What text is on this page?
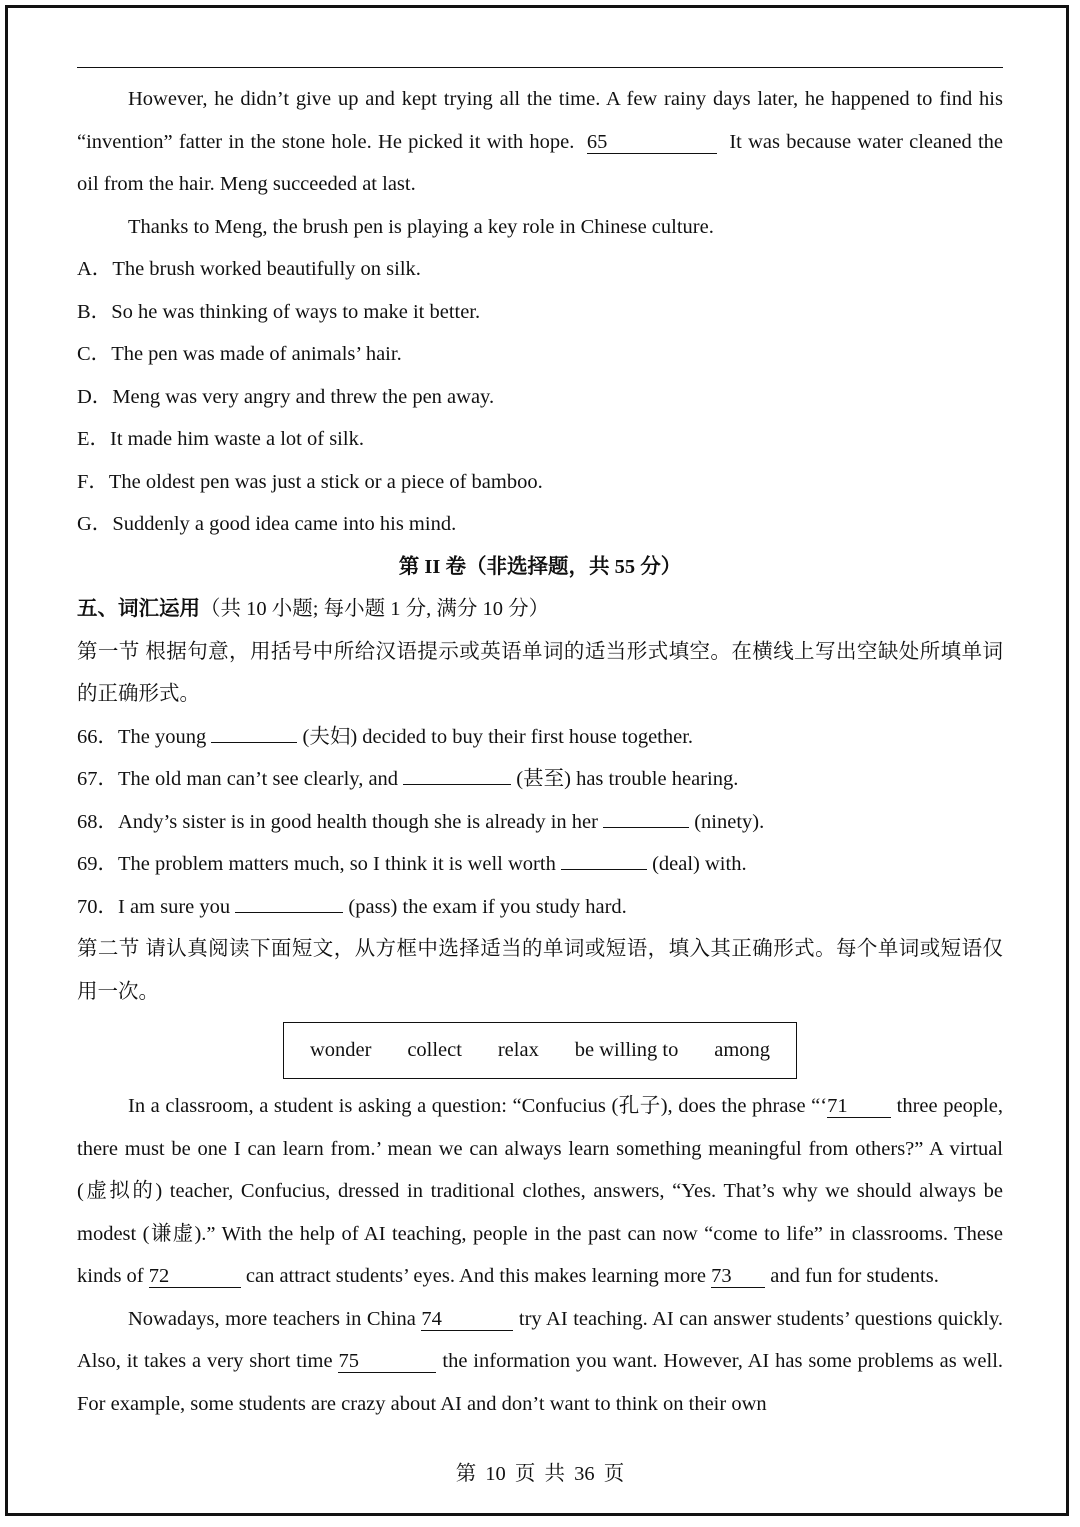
However, he didn’t give up and kept trying all the time. A few rainy days later, he happened to find his “invention” fatter in the stone hole. He picked it with hope. 65	It was because water cleaned the oil from the hair. Meng succeeded at last.

Thanks to Meng, the brush pen is playing a key role in Chinese culture.

A．The brush worked beautifully on silk.

B．So he was thinking of ways to make it better.

C．The pen was made of animals’ hair.

D．Meng was very angry and threw the pen away.

E．It made him waste a lot of silk.

F．The oldest pen was just a stick or a piece of bamboo.

G．Suddenly a good idea came into his mind.

第 II 卷（非选择题，共 55 分）

五、词汇运用（共 10 小题; 每小题 1 分, 满分 10 分）

第一节 根据句意，用括号中所给汉语提示或英语单词的适当形式填空。在横线上写出空缺处所填单词的正确形式。

66．The young	(夫妇) decided to buy their first house together.

67．The old man can’t see clearly, and	(甚至) has trouble hearing.

68．Andy’s sister is in good health though she is already in her	(ninety).

69．The problem matters much, so I think it is well worth	(deal) with.

70．I am sure you	(pass) the exam if you study hard.

第二节 请认真阅读下面短文，从方框中选择适当的单词或短语，填入其正确形式。每个单词或短语仅用一次。

wonder collect relax be willing to among

In a classroom, a student is asking a question: “Confucius (孔子), does the phrase “‘71 three people, there must be one I can learn from.’ mean we can always learn something meaningful from others?” A virtual (虚拟的) teacher, Confucius, dressed in traditional clothes, answers, “Yes. That’s why we should always be modest (谦虚).” With the help of AI teaching, people in the past can now “come to life” in classrooms. These kinds of 72	can attract students’ eyes. And this makes learning more 73 and fun for students.

Nowadays, more teachers in China 74	try AI teaching. AI can answer students’ questions quickly. Also, it takes a very short time 75	the information you want. However, AI has some problems as well. For example, some students are crazy about AI and don’t want to think on their own

第 10 页 共 36 页
